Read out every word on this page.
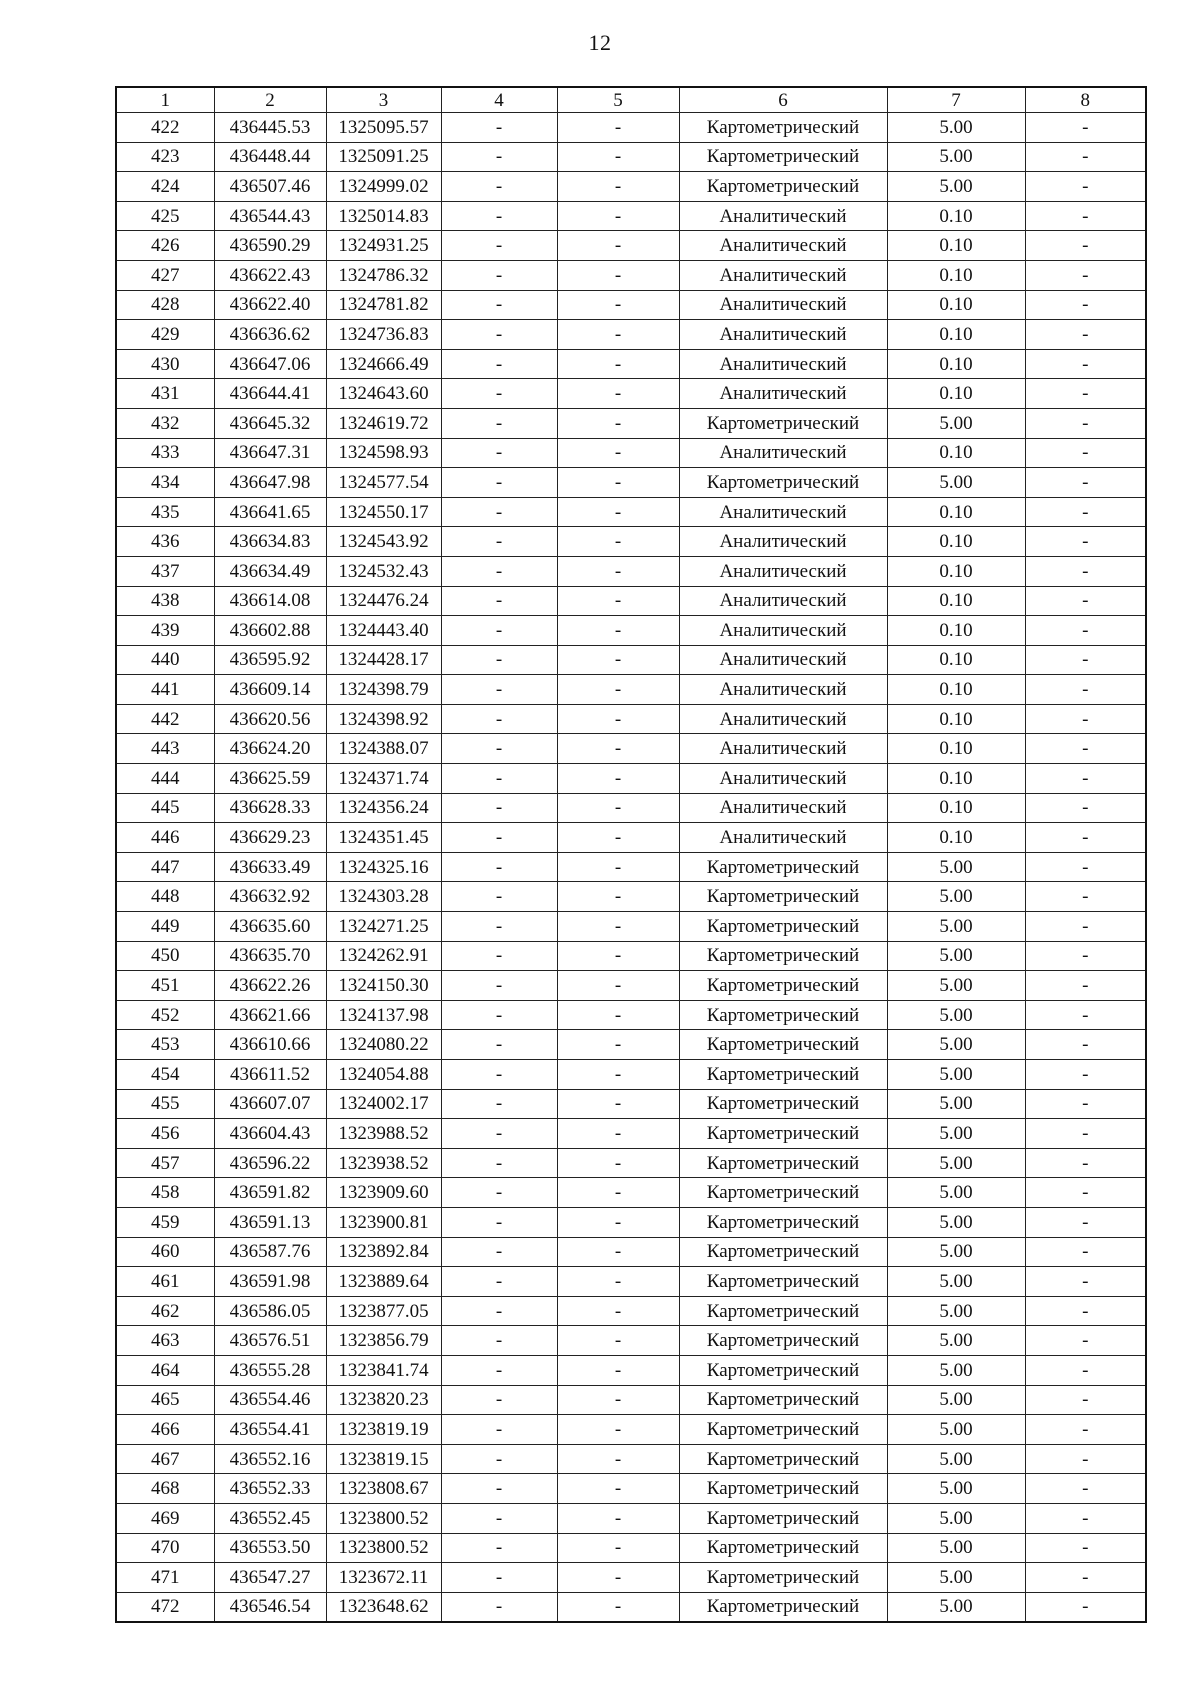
12
1	2	3	4	5	6	7	8
422	436445.53	1325095.57	-	-	Картометрический	5.00	-
423	436448.44	1325091.25	-	-	Картометрический	5.00	-
424	436507.46	1324999.02	-	-	Картометрический	5.00	-
425	436544.43	1325014.83	-	-	Аналитический	0.10	-
426	436590.29	1324931.25	-	-	Аналитический	0.10	-
427	436622.43	1324786.32	-	-	Аналитический	0.10	-
428	436622.40	1324781.82	-	-	Аналитический	0.10	-
429	436636.62	1324736.83	-	-	Аналитический	0.10	-
430	436647.06	1324666.49	-	-	Аналитический	0.10	-
431	436644.41	1324643.60	-	-	Аналитический	0.10	-
432	436645.32	1324619.72	-	-	Картометрический	5.00	-
433	436647.31	1324598.93	-	-	Аналитический	0.10	-
434	436647.98	1324577.54	-	-	Картометрический	5.00	-
435	436641.65	1324550.17	-	-	Аналитический	0.10	-
436	436634.83	1324543.92	-	-	Аналитический	0.10	-
437	436634.49	1324532.43	-	-	Аналитический	0.10	-
438	436614.08	1324476.24	-	-	Аналитический	0.10	-
439	436602.88	1324443.40	-	-	Аналитический	0.10	-
440	436595.92	1324428.17	-	-	Аналитический	0.10	-
441	436609.14	1324398.79	-	-	Аналитический	0.10	-
442	436620.56	1324398.92	-	-	Аналитический	0.10	-
443	436624.20	1324388.07	-	-	Аналитический	0.10	-
444	436625.59	1324371.74	-	-	Аналитический	0.10	-
445	436628.33	1324356.24	-	-	Аналитический	0.10	-
446	436629.23	1324351.45	-	-	Аналитический	0.10	-
447	436633.49	1324325.16	-	-	Картометрический	5.00	-
448	436632.92	1324303.28	-	-	Картометрический	5.00	-
449	436635.60	1324271.25	-	-	Картометрический	5.00	-
450	436635.70	1324262.91	-	-	Картометрический	5.00	-
451	436622.26	1324150.30	-	-	Картометрический	5.00	-
452	436621.66	1324137.98	-	-	Картометрический	5.00	-
453	436610.66	1324080.22	-	-	Картометрический	5.00	-
454	436611.52	1324054.88	-	-	Картометрический	5.00	-
455	436607.07	1324002.17	-	-	Картометрический	5.00	-
456	436604.43	1323988.52	-	-	Картометрический	5.00	-
457	436596.22	1323938.52	-	-	Картометрический	5.00	-
458	436591.82	1323909.60	-	-	Картометрический	5.00	-
459	436591.13	1323900.81	-	-	Картометрический	5.00	-
460	436587.76	1323892.84	-	-	Картометрический	5.00	-
461	436591.98	1323889.64	-	-	Картометрический	5.00	-
462	436586.05	1323877.05	-	-	Картометрический	5.00	-
463	436576.51	1323856.79	-	-	Картометрический	5.00	-
464	436555.28	1323841.74	-	-	Картометрический	5.00	-
465	436554.46	1323820.23	-	-	Картометрический	5.00	-
466	436554.41	1323819.19	-	-	Картометрический	5.00	-
467	436552.16	1323819.15	-	-	Картометрический	5.00	-
468	436552.33	1323808.67	-	-	Картометрический	5.00	-
469	436552.45	1323800.52	-	-	Картометрический	5.00	-
470	436553.50	1323800.52	-	-	Картометрический	5.00	-
471	436547.27	1323672.11	-	-	Картометрический	5.00	-
472	436546.54	1323648.62	-	-	Картометрический	5.00	-
